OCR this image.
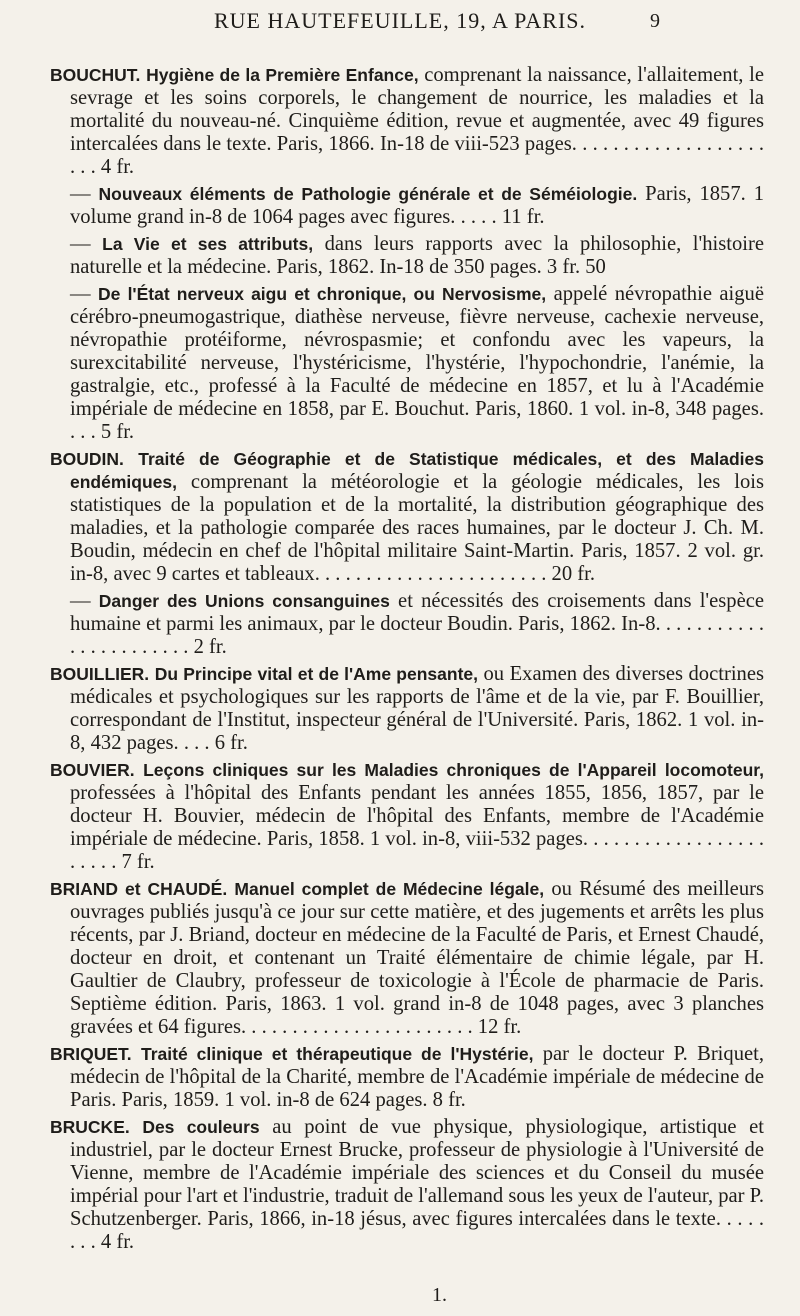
RUE HAUTEFEUILLE, 19, A PARIS.	9

BOUCHUT. Hygiène de la Première Enfance, comprenant la naissance, l'allaitement, le sevrage et les soins corporels, le changement de nourrice, les maladies et la mortalité du nouveau-né. Cinquième édition, revue et augmentée, avec 49 figures intercalées dans le texte. Paris, 1866. In-18 de viii-523 pages. . . . . . . . . . . . . . . . . . . . . . 4 fr.

— Nouveaux éléments de Pathologie générale et de Séméiologie. Paris, 1857. 1 volume grand in-8 de 1064 pages avec figures. . . . . 11 fr.

— La Vie et ses attributs, dans leurs rapports avec la philosophie, l'histoire naturelle et la médecine. Paris, 1862. In-18 de 350 pages. 3 fr. 50

— De l'État nerveux aigu et chronique, ou Nervosisme, appelé névropathie aiguë cérébro-pneumogastrique, diathèse nerveuse, fièvre nerveuse, cachexie nerveuse, névropathie protéiforme, névrospasmie; et confondu avec les vapeurs, la surexcitabilité nerveuse, l'hystéricisme, l'hystérie, l'hypochondrie, l'anémie, la gastralgie, etc., professé à la Faculté de médecine en 1857, et lu à l'Académie impériale de médecine en 1858, par E. Bouchut. Paris, 1860. 1 vol. in-8, 348 pages. . . . 5 fr.

BOUDIN. Traité de Géographie et de Statistique médicales, et des Maladies endémiques, comprenant la météorologie et la géologie médicales, les lois statistiques de la population et de la mortalité, la distribution géographique des maladies, et la pathologie comparée des races humaines, par le docteur J. Ch. M. Boudin, médecin en chef de l'hôpital militaire Saint-Martin. Paris, 1857. 2 vol. gr. in-8, avec 9 cartes et tableaux. . . . . . . . . . . . . . . . . . . . . . . 20 fr.

— Danger des Unions consanguines et nécessités des croisements dans l'espèce humaine et parmi les animaux, par le docteur Boudin. Paris, 1862. In-8. . . . . . . . . . . . . . . . . . . . . . . 2 fr.

BOUILLIER. Du Principe vital et de l'Ame pensante, ou Examen des diverses doctrines médicales et psychologiques sur les rapports de l'âme et de la vie, par F. Bouillier, correspondant de l'Institut, inspecteur général de l'Université. Paris, 1862. 1 vol. in-8, 432 pages. . . . 6 fr.

BOUVIER. Leçons cliniques sur les Maladies chroniques de l'Appareil locomoteur, professées à l'hôpital des Enfants pendant les années 1855, 1856, 1857, par le docteur H. Bouvier, médecin de l'hôpital des Enfants, membre de l'Académie impériale de médecine. Paris, 1858. 1 vol. in-8, viii-532 pages. . . . . . . . . . . . . . . . . . . . . . . 7 fr.

BRIAND et CHAUDÉ. Manuel complet de Médecine légale, ou Résumé des meilleurs ouvrages publiés jusqu'à ce jour sur cette matière, et des jugements et arrêts les plus récents, par J. Briand, docteur en médecine de la Faculté de Paris, et Ernest Chaudé, docteur en droit, et contenant un Traité élémentaire de chimie légale, par H. Gaultier de Claubry, professeur de toxicologie à l'École de pharmacie de Paris. Septième édition. Paris, 1863. 1 vol. grand in-8 de 1048 pages, avec 3 planches gravées et 64 figures. . . . . . . . . . . . . . . . . . . . . . . 12 fr.

BRIQUET. Traité clinique et thérapeutique de l'Hystérie, par le docteur P. Briquet, médecin de l'hôpital de la Charité, membre de l'Académie impériale de médecine de Paris. Paris, 1859. 1 vol. in-8 de 624 pages. 8 fr.

BRUCKE. Des couleurs au point de vue physique, physiologique, artistique et industriel, par le docteur Ernest Brucke, professeur de physiologie à l'Université de Vienne, membre de l'Académie impériale des sciences et du Conseil du musée impérial pour l'art et l'industrie, traduit de l'allemand sous les yeux de l'auteur, par P. Schutzenberger. Paris, 1866, in-18 jésus, avec figures intercalées dans le texte. . . . . . . . 4 fr.

1.
